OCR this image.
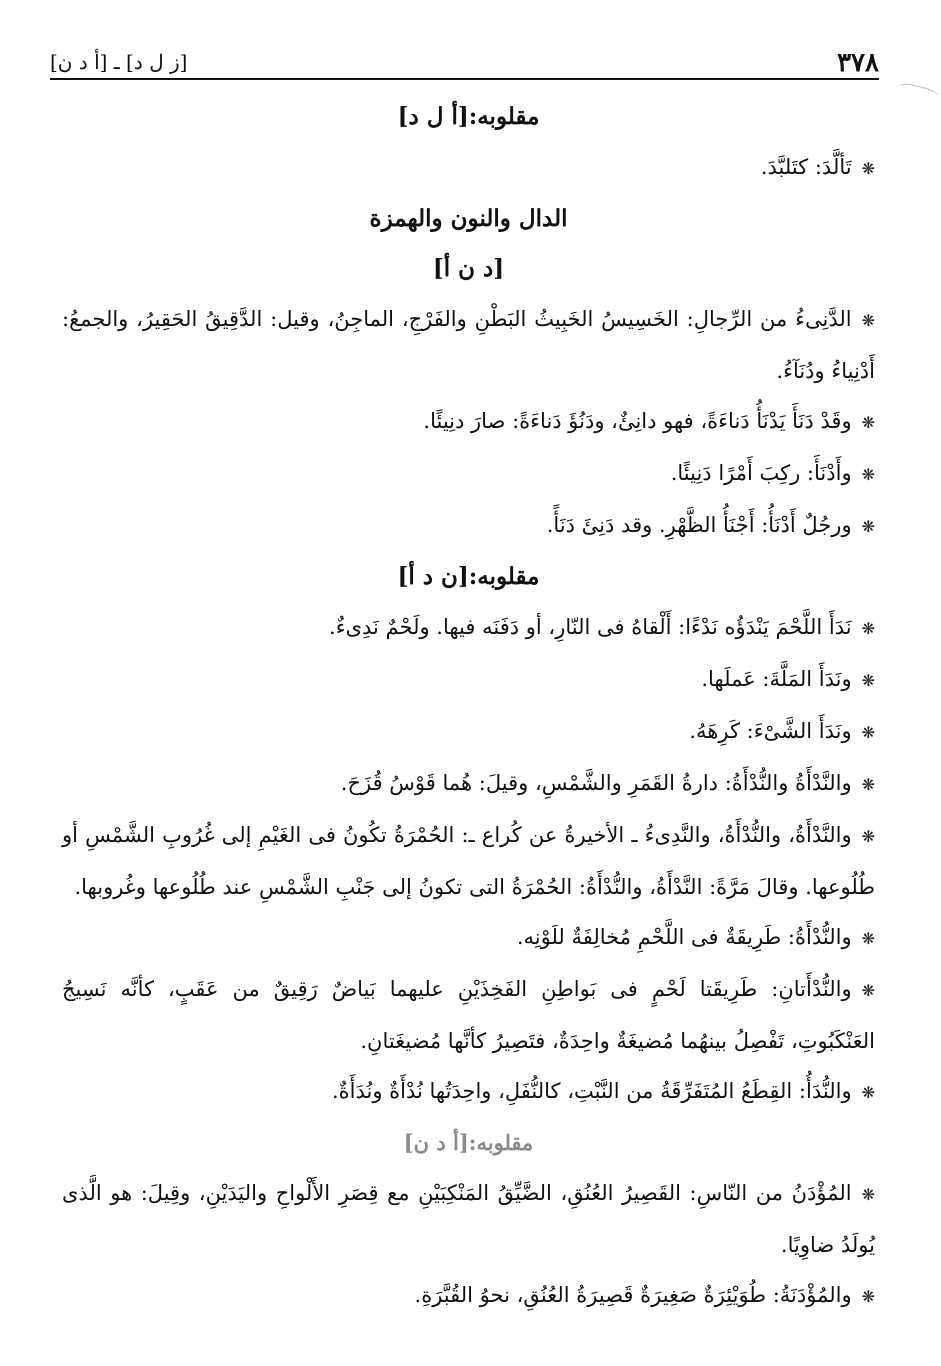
٣٧٨
[ز ل د] ـ [أ د ن]
مقلوبه:[أ ل د]

❋تَألَّدَ: كتَلبَّدَ.

الدال والنون والهمزة
[د ن أ]

❋الدَّنِىءُ من الرِّجالِ: الخَسِيسُ الخَبِيثُ البَطْنِ والفَرْجِ، الماجِنُ، وقيل: الدَّقِيقُ الحَقِيرُ، والجمعُ: أَدْنِياءُ ودُنَآءُ.

❋وقَدْ دَنَأَ يَدْنَأُ دَناءَةً، فهو دانِئٌ، ودَنُؤَ دَناءَةً: صارَ دنِيئًا.

❋وأَدْنَأَ: ركِبَ أَمْرًا دَنِيئًا.

❋ورجُلٌ أَدْنَأُ: أَجْنَأُ الظَّهْرِ. وقد دَنِئَ دَنَأً.

مقلوبه:[ن د أ]

❋نَدَأَ اللَّحْمَ يَنْدَؤُه نَدْءًا: أَلْقاهُ فى النّارِ، أو دَفَنَه فيها. ولَحْمٌ نَدِىءٌ.

❋ونَدَأَ المَلَّةَ: عَملَها.

❋ونَدَأَ الشَّىْءَ: كَرِهَهُ.

❋والنَّدْأَةُ والنُّدْأَةُ: دارةُ القَمَرِ والشَّمْسِ، وقيلَ: هُما قَوْسُ قُزَحَ.

❋والنَّدْأَةُ، والنُّدْأَةُ، والنَّدِىءُ ـ الأخيرةُ عن كُراع ـ: الحُمْرَةُ تكُونُ فى الغَيْمِ إلى غُرُوبِ الشَّمْسِ أو طُلُوعها. وقالَ مَرَّةً: النَّدْأَةُ، والنُّدْأَةُ: الحُمْرَةُ التى تكونُ إلى جَنْبِ الشَّمْسِ عند طُلُوعها وغُروبها.

❋والنُّدْأَةُ: طَرِيقَةٌ فى اللَّحْمِ مُخالِفَةٌ للَوْنِه.

❋والنُّدْأَتانِ: طَرِيقَتا لَحْمٍ فى بَواطِنِ الفَخِذَيْنِ عليهما بَياضٌ رَقِيقٌ من عَقَبٍ، كأنَّه نَسِيجُ العَنْكَبُوتِ، تَفْصِلُ بينهُما مُضيغَةٌ واحِدَةٌ، فتَصِيرُ كأنَّها مُضيغَتانِ.

❋والنُّدَأُ: القِطَعُ المُتَفَرِّقَةُ من النَّبْتِ، كالنُّفَلِ، واحِدَتُها نُدْأَةٌ ونُدَأَةٌ.

مقلوبه:[أ د ن]

❋المُؤْدَنُ من النّاسِ: القَصِيرُ العُنُقِ، الضَّيِّقُ المَنْكِبَيْنِ مع قِصَرِ الأَلْواحِ واليَدَيْنِ، وقِيلَ: هو الَّذى يُولَدُ ضاوِيًا.

❋والمُؤْدَنَةُ: طُوَيْئِرَةٌ صَغِيرَةٌ قَصِيرَةُ العُنُقِ، نحوُ القُبَّرَةِ.
